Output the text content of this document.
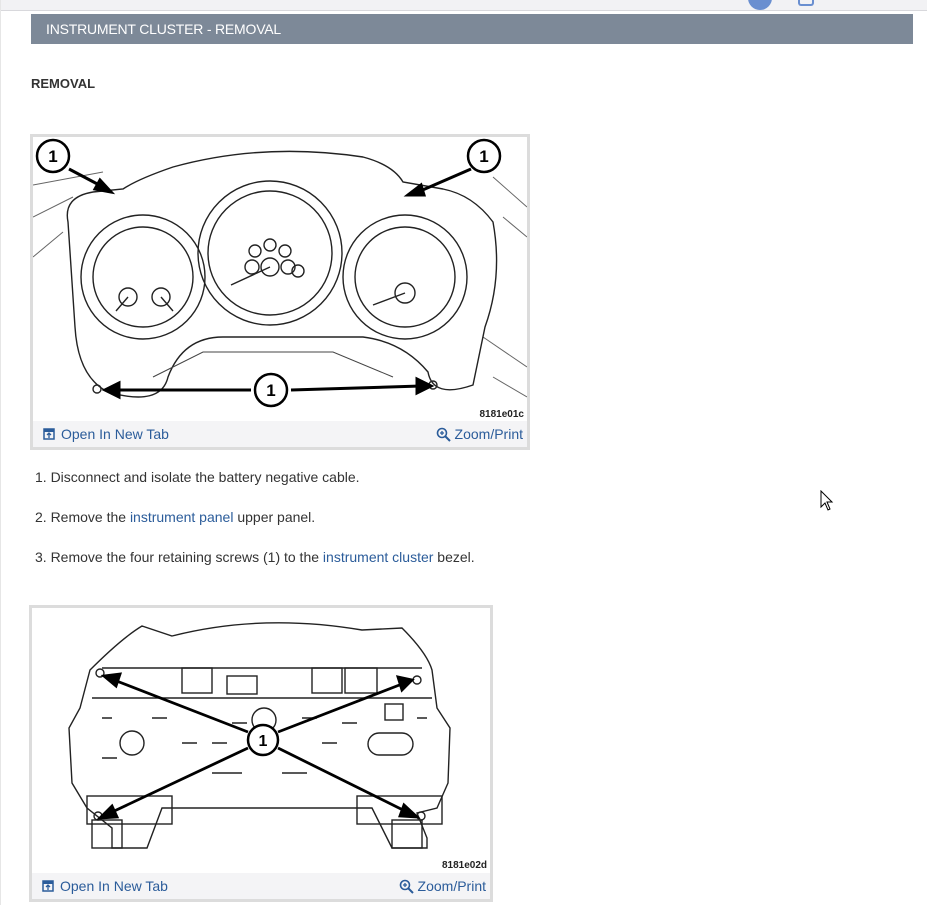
INSTRUMENT CLUSTER - REMOVAL
REMOVAL
1	1
1
8181e01c
Open In New Tab	Zoom/Print
1. Disconnect and isolate the battery negative cable.
2. Remove the instrument panel upper panel.
3. Remove the four retaining screws (1) to the instrument cluster bezel.
1
8181e02d
Open In New Tab	Zoom/Print
